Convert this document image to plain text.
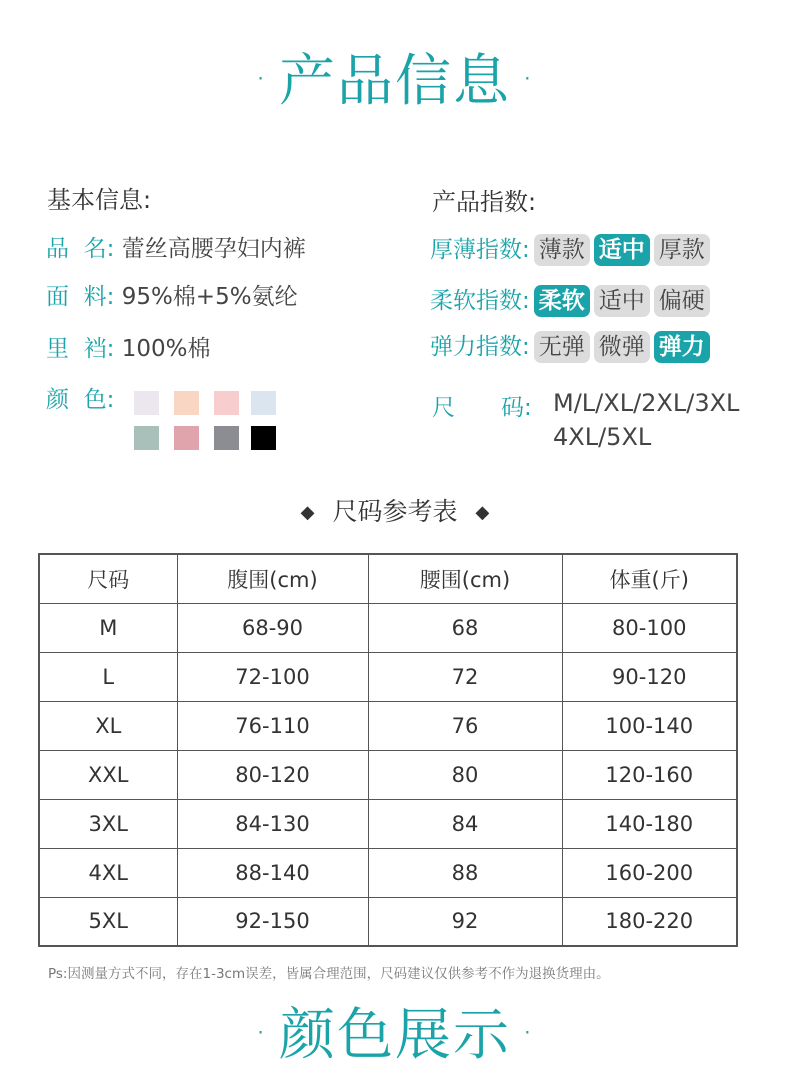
· 产品信息 ·
基本信息:	产品指数:
品  名: 蕾丝高腰孕妇内裤
面  料: 95%棉+5%氨纶
里  裆: 100%棉
颜  色:
厚薄指数: 薄款 适中 厚款
柔软指数: 柔软 适中 偏硬
弹力指数: 无弹 微弹 弹力
尺 码: M/L/XL/2XL/3XL
4XL/5XL
◆ 尺码参考表 ◆
尺码	腹围(cm)	腰围(cm)	体重(斤)
M	68-90	68	80-100
L	72-100	72	90-120
XL	76-110	76	100-140
XXL	80-120	80	120-160
3XL	84-130	84	140-180
4XL	88-140	88	160-200
5XL	92-150	92	180-220
Ps:因测量方式不同，存在1-3cm误差，皆属合理范围，尺码建议仅供参考不作为退换货理由。
· 颜色展示 ·
